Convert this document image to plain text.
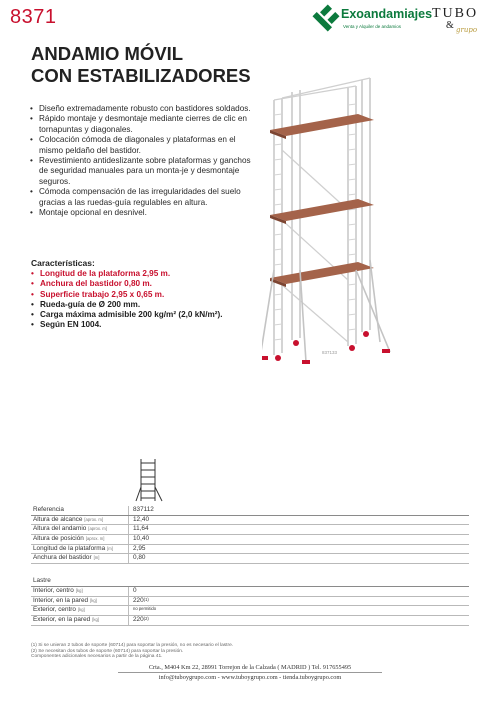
8371	Exoandamiajes
Venta y Alquiler de andamios
TUBO
& grupo
ANDAMIO MÓVIL
CON ESTABILIZADORES
• Diseño extremadamente robusto con bastidores soldados.
• Rápido montaje y desmontaje mediante cierres de clic en tornapuntas y diagonales.
• Colocación cómoda de diagonales y plataformas en el mismo peldaño del bastidor.
• Revestimiento antideslizante sobre plataformas y ganchos de seguridad manuales para un monta-je y desmontaje seguros.
• Cómoda compensación de las irregularidades del suelo gracias a las ruedas-guía regulables en altura.
• Montaje opcional en desnivel.
Características:
• Longitud de la plataforma 2,95 m.
• Anchura del bastidor 0,80 m.
• Superficie trabajo 2,95 x 0,65 m.
• Rueda-guía de Ø 200 mm.
• Carga máxima admisible 200 kg/m² (2,0 kN/m²).
• Según EN 1004.
837133
Referencia	837112
Altura de alcance [aprox. m]	12,40
Altura del andamio [aprox. m]	11,64
Altura de posición [aprox. m]	10,40
Longitud de la plataforma [m]	2,95
Anchura del bastidor [m]	0,80
Lastre
Interior, centro [kg]	0
Interior, en la pared [kg]	220$^{(1)}$
Exterior, centro [kg]	$^{no permitido}$
Exterior, en la pared [kg]	220$^{(2)}$
(1) Si se unieran 2 tubos de soporte (60714) para soportar la presión, no es necesario el lastre.
(2) Se necesitan dos tubos de soporte (60714) para soportar la presión.
Componentes adicionales necesarios a partir de la página 41.
Crta., M404 Km 22, 28991 Torrejon de la Calzada ( MADRID ) Tel. 917655495
info@tuboygrupo.com - www.tuboygrupo.com - tienda.tuboygrupo.com
